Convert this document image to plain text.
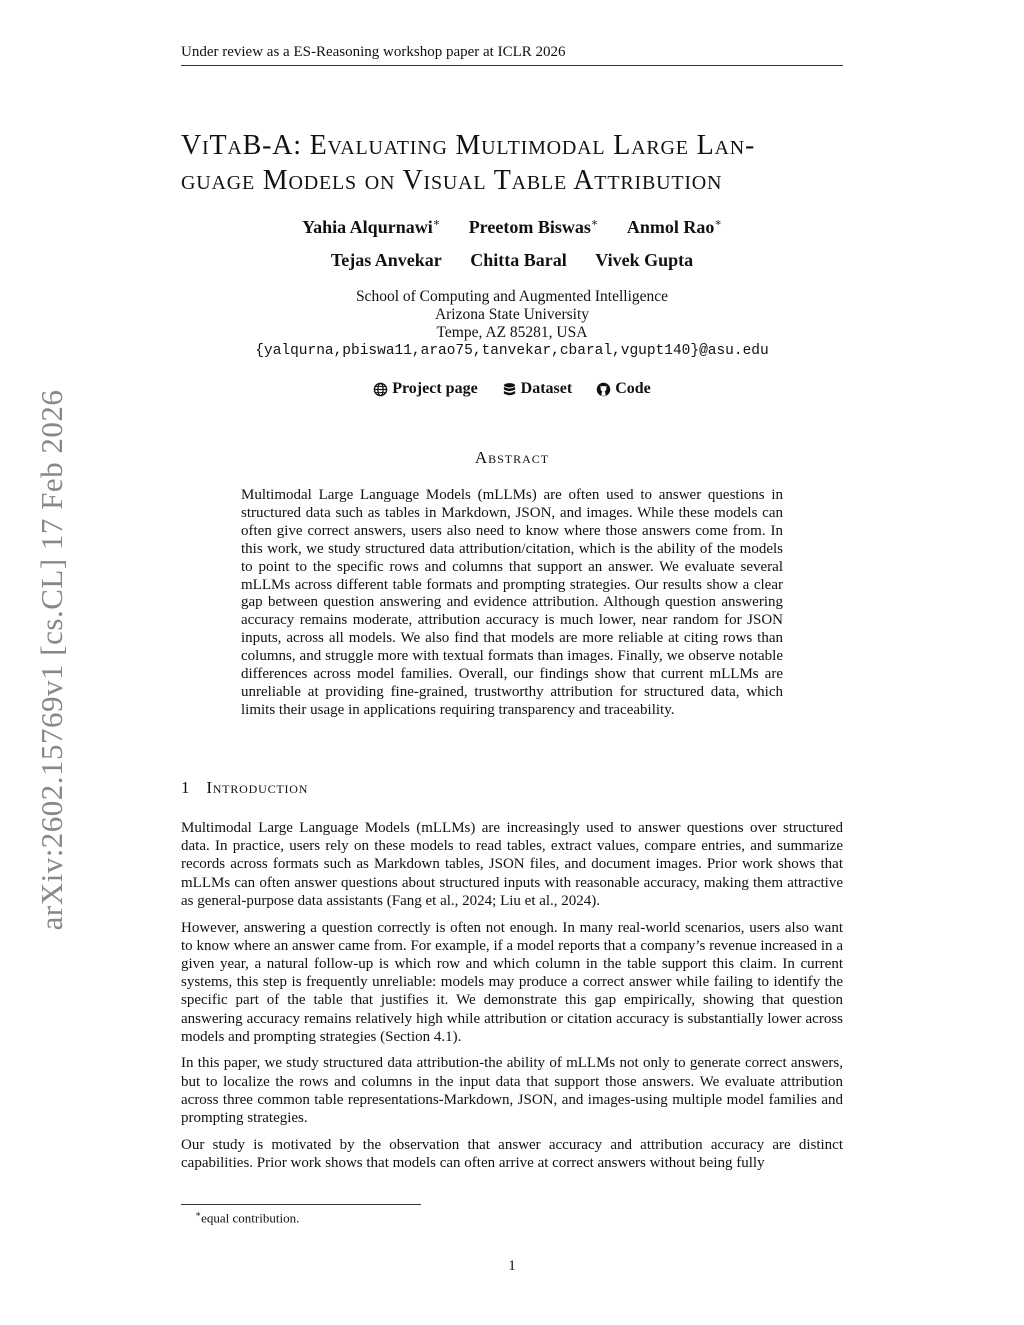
Under review as a ES-Reasoning workshop paper at ICLR 2026
arXiv:2602.15769v1 [cs.CL] 17 Feb 2026
ViTaB-A: Evaluating Multimodal Large Lan-
guage Models on Visual Table Attribution
Yahia Alqurnawi∗ Preetom Biswas∗ Anmol Rao∗
Tejas Anvekar Chitta Baral Vivek Gupta
School of Computing and Augmented Intelligence
Arizona State University
Tempe, AZ 85281, USA
{yalqurna,pbiswa11,arao75,tanvekar,cbaral,vgupt140}@asu.edu
Project page
	Dataset
	Code
Abstract

Multimodal Large Language Models (mLLMs) are often used to answer questions in structured data such as tables in Markdown, JSON, and images. While these models can often give correct answers, users also need to know where those answers come from. In this work, we study structured data attribution/citation, which is the ability of the models to point to the specific rows and columns that support an answer. We evaluate several mLLMs across different table formats and prompting strategies. Our results show a clear gap between question answering and evidence attribution. Although question answering accuracy remains moderate, attribution accuracy is much lower, near random for JSON inputs, across all models. We also find that models are more reliable at citing rows than columns, and struggle more with textual formats than images. Finally, we observe notable differences across model families. Overall, our findings show that current mLLMs are unreliable at providing fine-grained, trustworthy attribution for structured data, which limits their usage in applications requiring transparency and traceability.

1 Introduction

Multimodal Large Language Models (mLLMs) are increasingly used to answer questions over structured data. In practice, users rely on these models to read tables, extract values, compare entries, and summarize records across formats such as Markdown tables, JSON files, and document images. Prior work shows that mLLMs can often answer questions about structured inputs with reasonable accuracy, making them attractive as general-purpose data assistants (Fang et al., 2024; Liu et al., 2024).

However, answering a question correctly is often not enough. In many real-world scenarios, users also want to know where an answer came from. For example, if a model reports that a company’s revenue increased in a given year, a natural follow-up is which row and which column in the table support this claim. In current systems, this step is frequently unreliable: models may produce a correct answer while failing to identify the specific part of the table that justifies it. We demonstrate this gap empirically, showing that question answering accuracy remains relatively high while attribution or citation accuracy is substantially lower across models and prompting strategies (Section 4.1).

In this paper, we study structured data attribution-the ability of mLLMs not only to generate correct answers, but to localize the rows and columns in the input data that support those answers. We evaluate attribution across three common table representations-Markdown, JSON, and images-using multiple model families and prompting strategies.

Our study is motivated by the observation that answer accuracy and attribution accuracy are distinct capabilities. Prior work shows that models can often arrive at correct answers without being fully

∗equal contribution.
1
